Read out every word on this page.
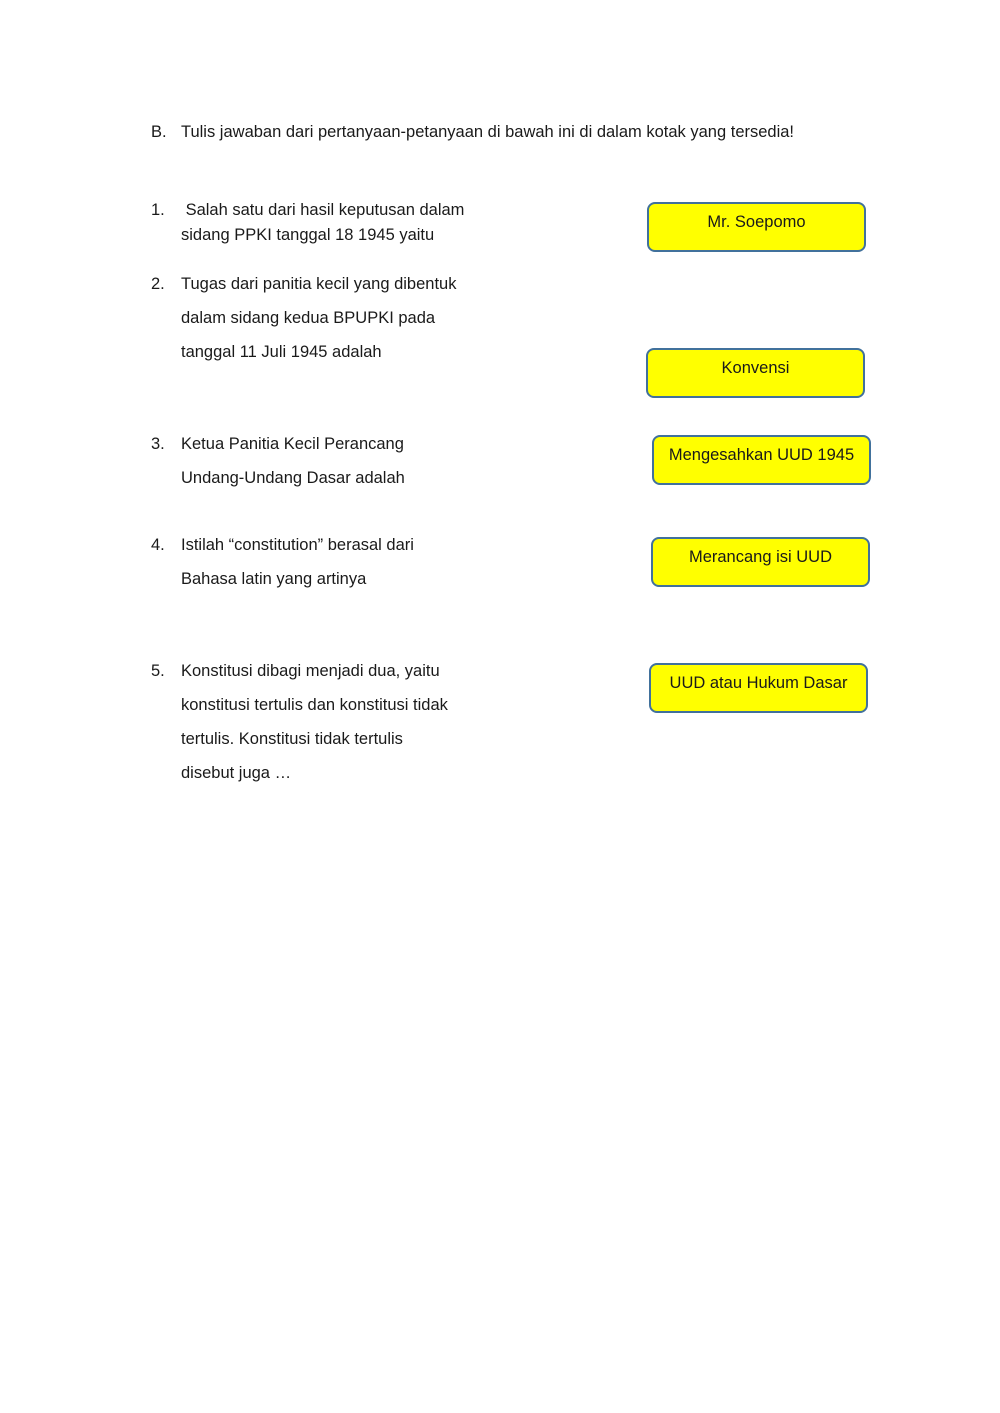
B. Tulis jawaban dari pertanyaan-petanyaan di bawah ini di dalam kotak yang tersedia!
1. Salah satu dari hasil keputusan dalam
sidang PPKI tanggal 18 1945 yaitu
2. Tugas dari panitia kecil yang dibentuk
dalam sidang kedua BPUPKI pada
tanggal 11 Juli 1945 adalah
3. Ketua Panitia Kecil Perancang
Undang-Undang Dasar adalah
4. Istilah “constitution” berasal dari
Bahasa latin yang artinya
5. Konstitusi dibagi menjadi dua, yaitu
konstitusi tertulis dan konstitusi tidak
tertulis. Konstitusi tidak tertulis
disebut juga …
Mr. Soepomo
Konvensi
Mengesahkan UUD 1945
Merancang isi UUD
UUD atau Hukum Dasar
